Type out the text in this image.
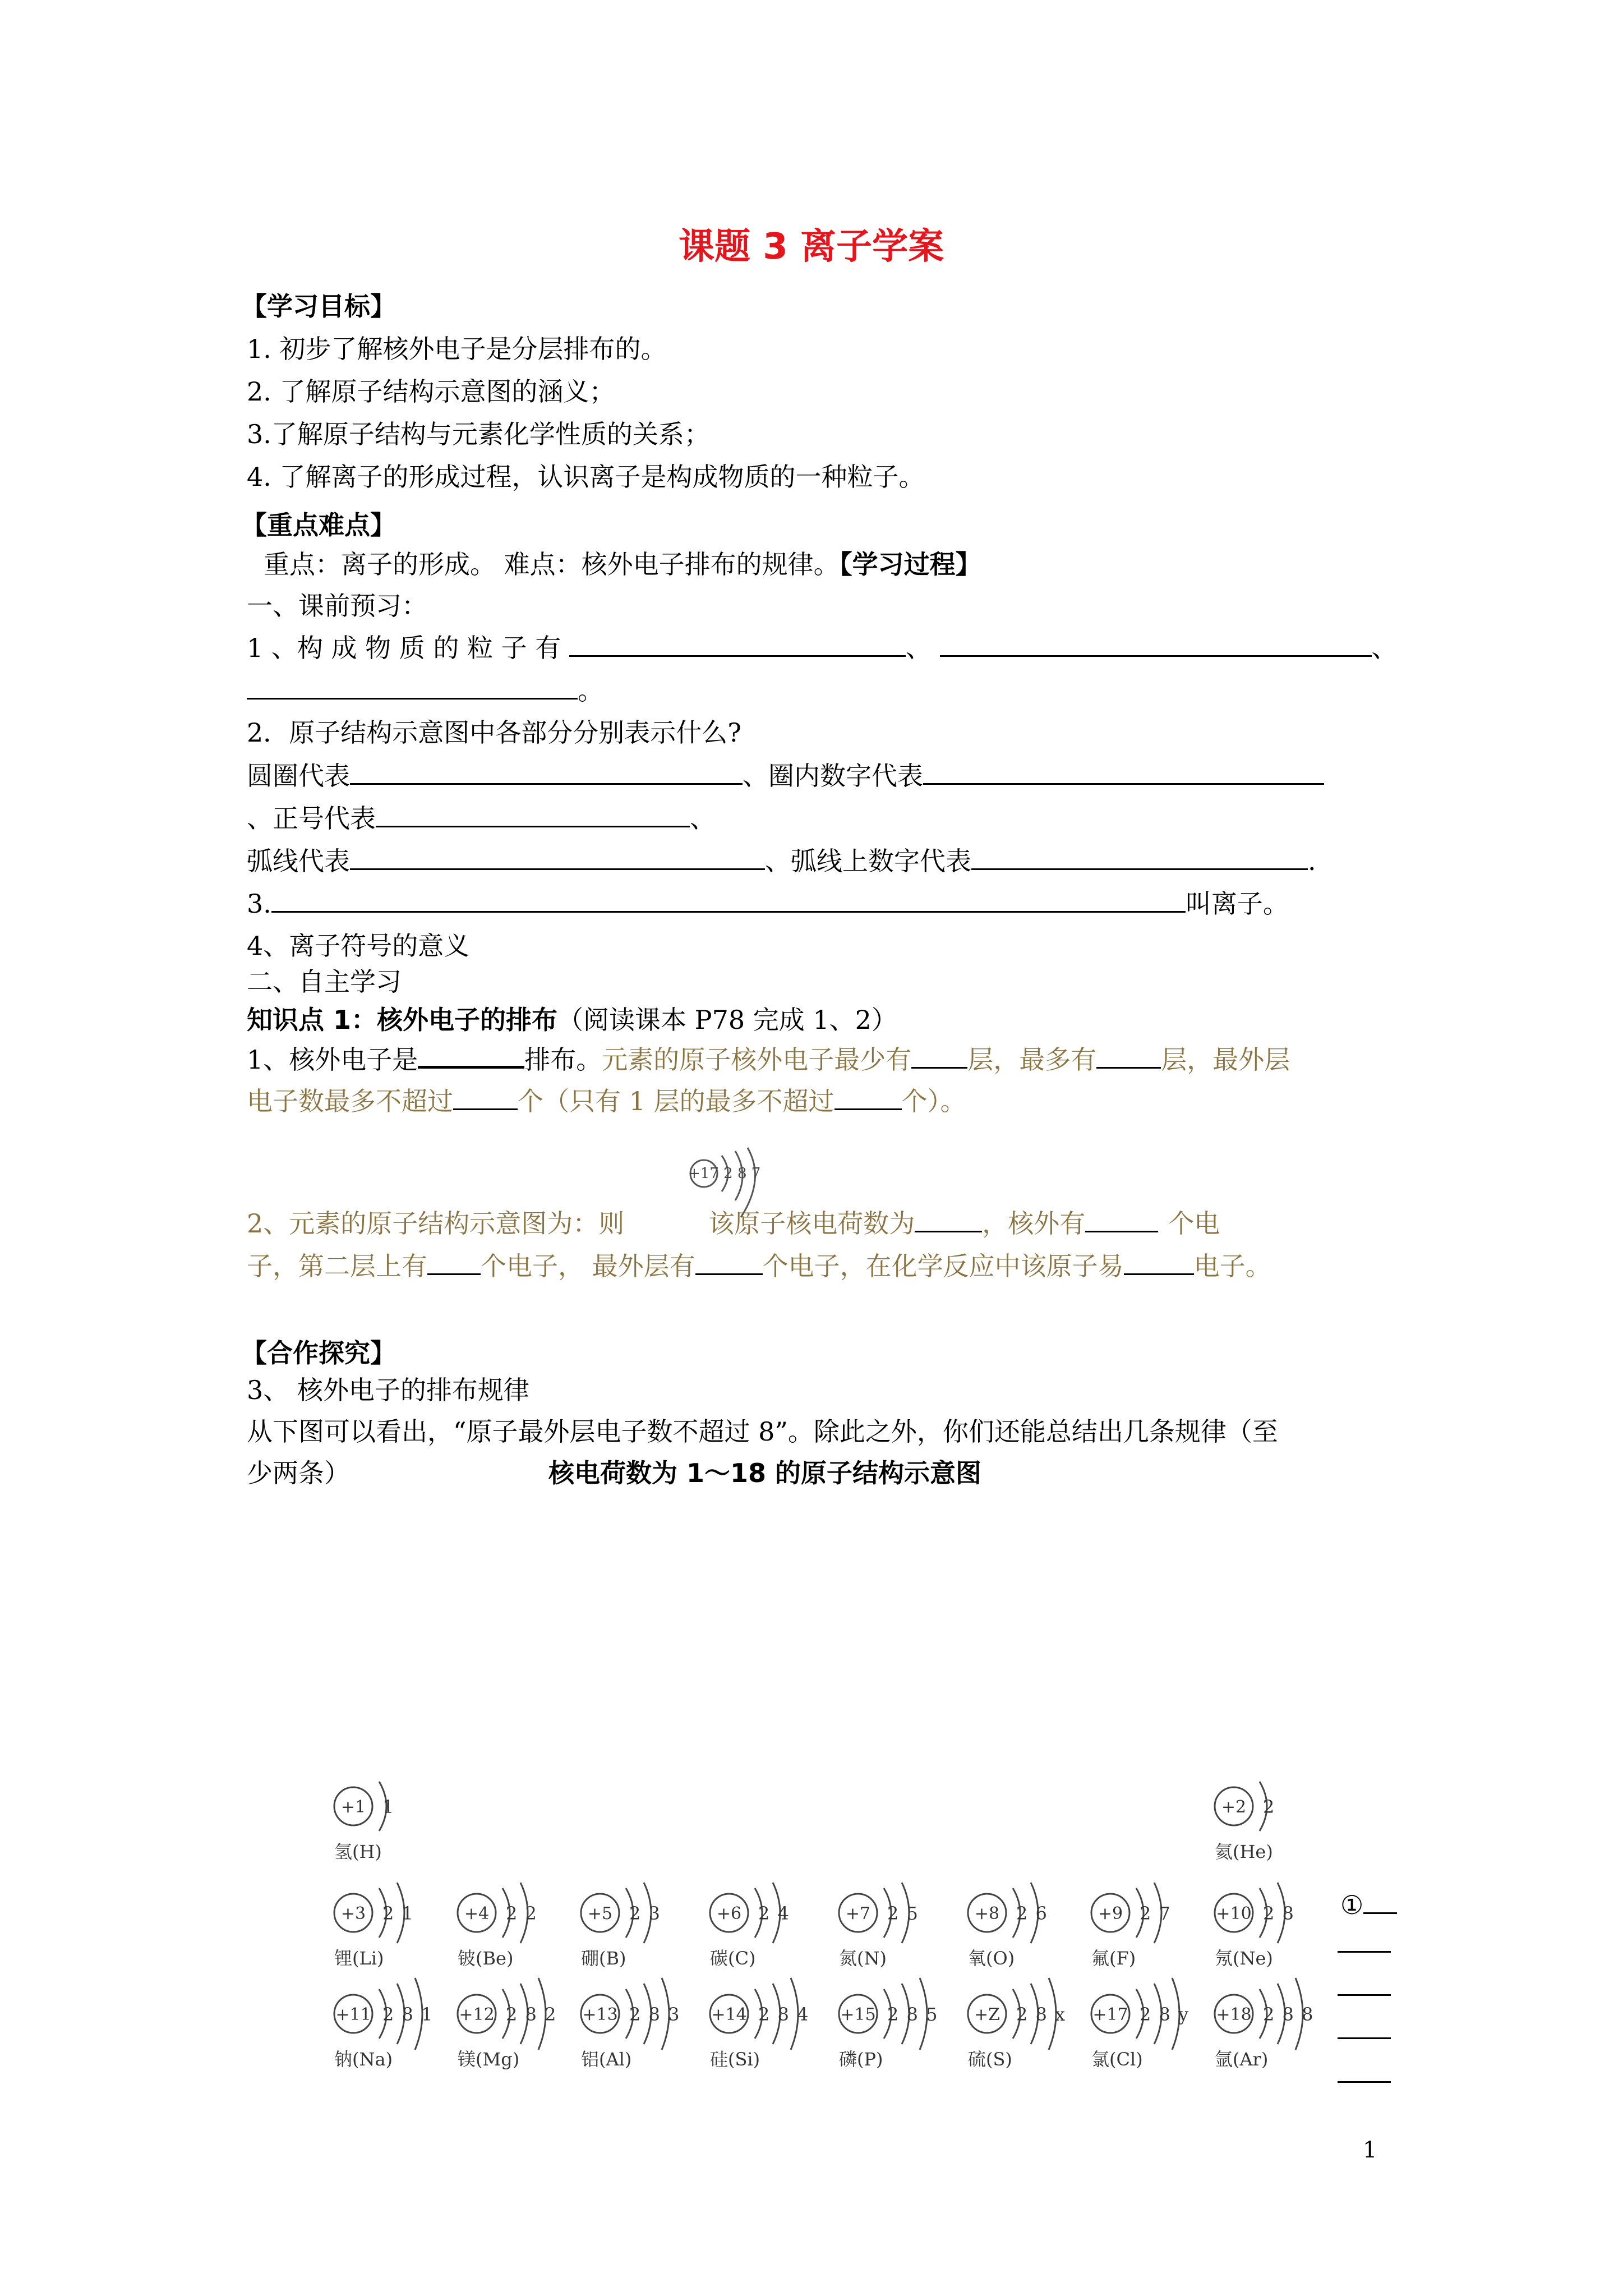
课题 3 离子学案
【学习目标】
1. 初步了解核外电子是分层排布的。
2. 了解原子结构示意图的涵义；
3.了解原子结构与元素化学性质的关系；
4. 了解离子的形成过程，认识离子是构成物质的一种粒子。
【重点难点】
重点：离子的形成。 难点：核外电子排布的规律。【学习过程】
一、课前预习：
1 、构 成 物 质 的 粒 子 有	、	、
。
2．原子结构示意图中各部分分别表示什么?
圆圈代表	、圈内数字代表
、正号代表	、
弧线代表	、弧线上数字代表	.
3.	叫离子。
4、离子符号的意义
二、自主学习
知识点 1：核外电子的排布（阅读课本 P78 完成 1、2）
1、核外电子是	排布。元素的原子核外电子最少有 层，最多有	层，最外层
电子数最多不超过	个（只有 1 层的最多不超过	个）。
+17 2 8 7
2、元素的原子结构示意图为：则	该原子核电荷数为	，核外有	个电
子，第二层上有 个电子， 最外层有	个电子，在化学反应中该原子易	电子。
【合作探究】
3、 核外电子的排布规律
从下图可以看出，“原子最外层电子数不超过 8”。除此之外，你们还能总结出几条规律（至
少两条）	核电荷数为 1～18 的原子结构示意图
+1 1
氢(H)
+2 2
氦(He)
+3 2 1
锂(Li)
+4 2 2
铍(Be)
+5 2 3
硼(B)
+6 2 4
碳(C)
+7 2 5
氮(N)
+8 2 6
氧(O)
+9 2 7
氟(F)
+10 2 8
氖(Ne)
+11 2 8 1
钠(Na)
+12 2 8 2
镁(Mg)
+13 2 8 3
铝(Al)
+14 2 8 4
硅(Si)
+15 2 8 5
磷(P)
+Z 2 8 x
硫(S)
+17 2 8 y
氯(Cl)
+18 2 8 8
氩(Ar)
①
1
